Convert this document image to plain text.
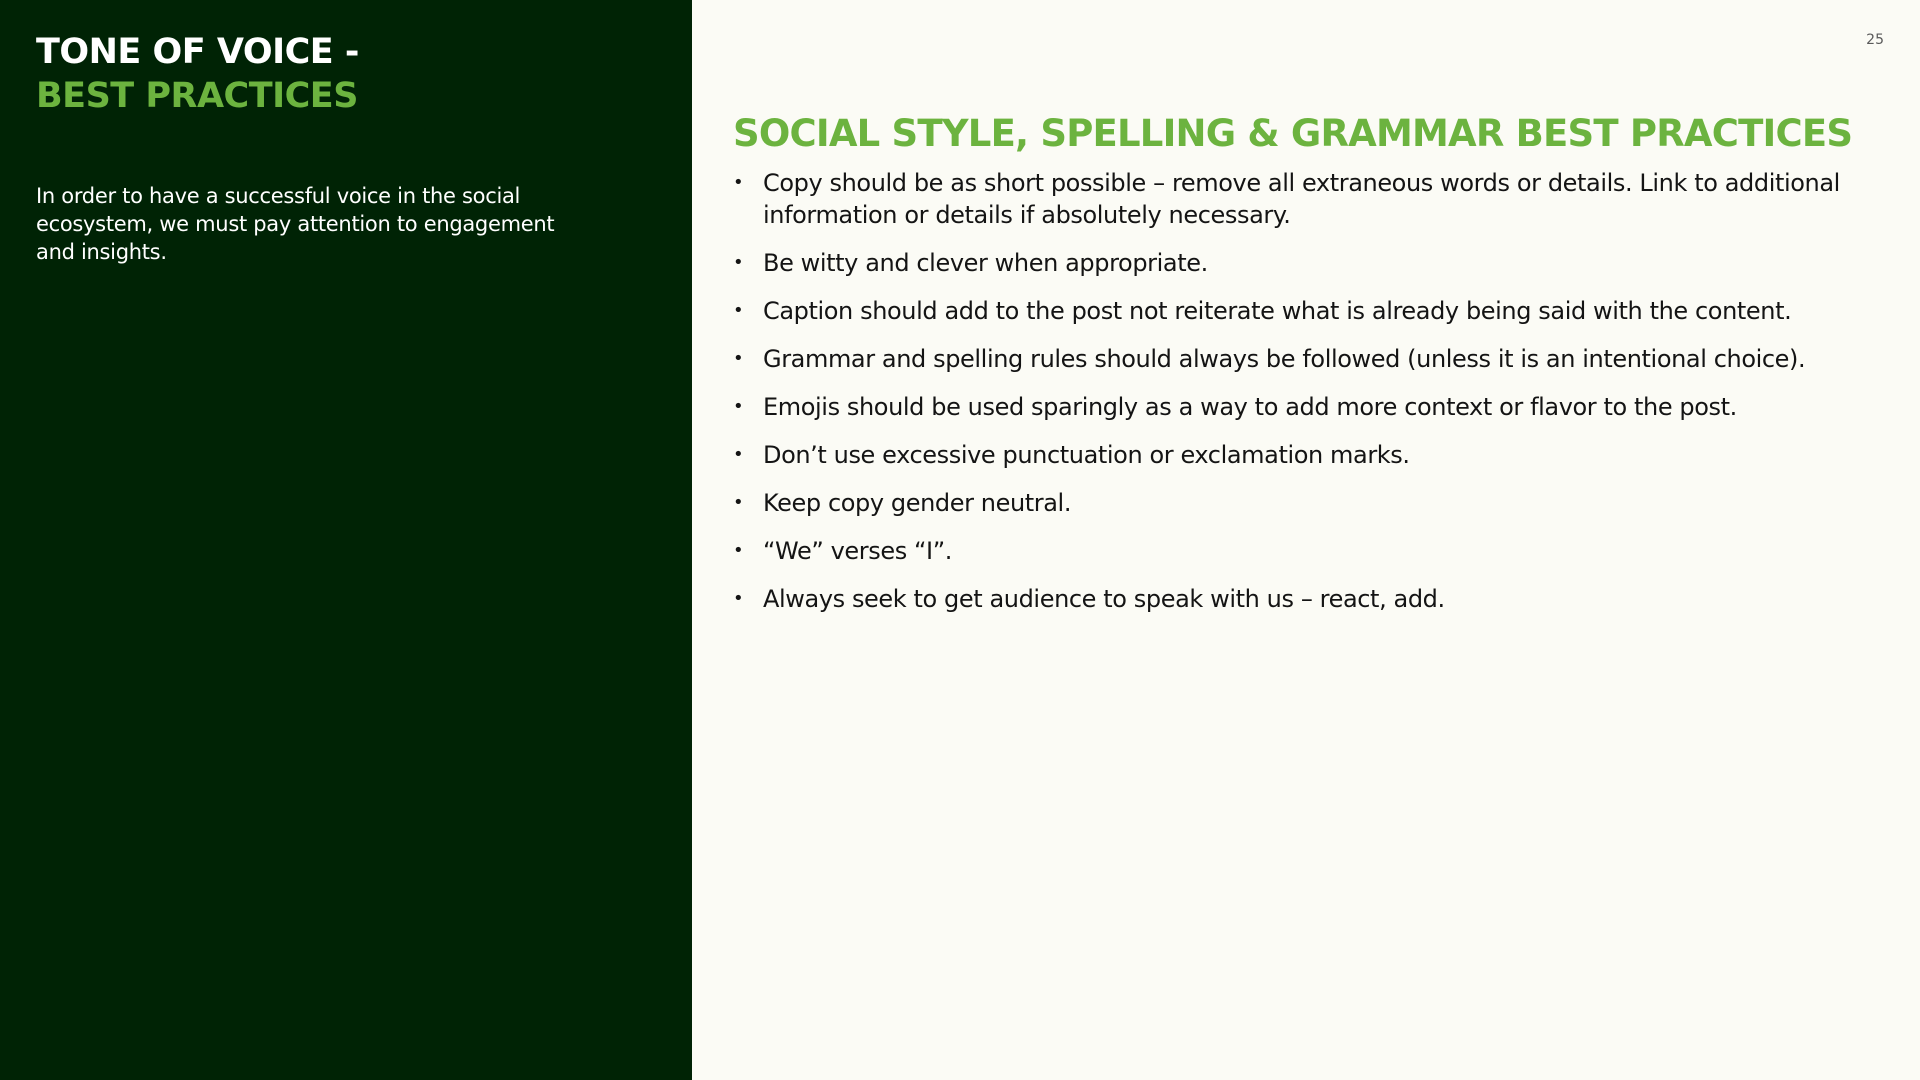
TONE OF VOICE -
BEST PRACTICES

In order to have a successful voice in the social ecosystem, we must pay attention to engagement and insights.

25
SOCIAL STYLE, SPELLING & GRAMMAR BEST PRACTICES
• Copy should be as short possible – remove all extraneous words or details. Link to additional information or details if absolutely necessary.
• Be witty and clever when appropriate.
• Caption should add to the post not reiterate what is already being said with the content.
• Grammar and spelling rules should always be followed (unless it is an intentional choice).
• Emojis should be used sparingly as a way to add more context or flavor to the post.
• Don’t use excessive punctuation or exclamation marks.
• Keep copy gender neutral.
• “We” verses “I”.
• Always seek to get audience to speak with us – react, add.
